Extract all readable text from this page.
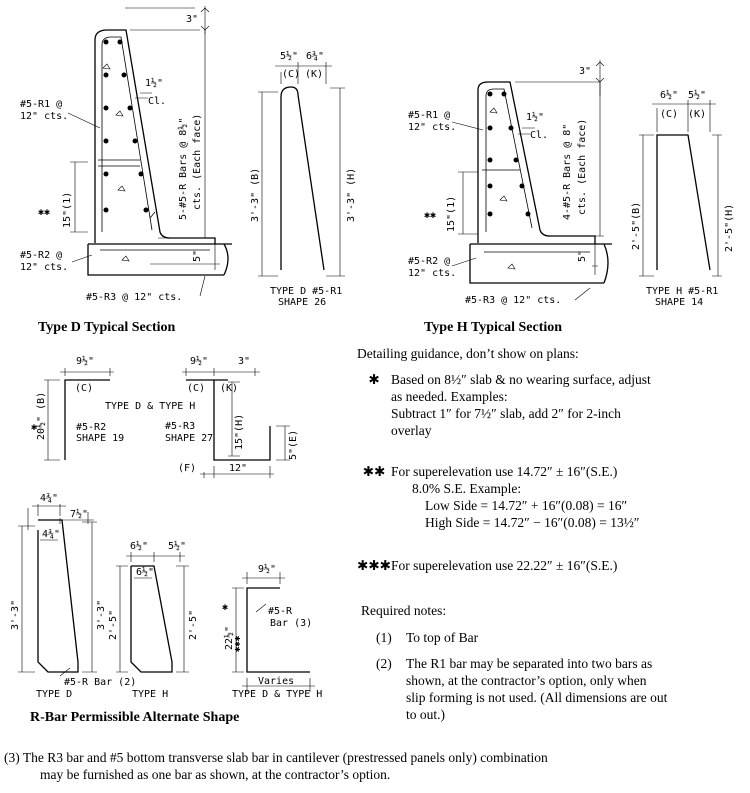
3"
1½"
Cl.
5-#5-R Bars @ 8½" cts. (Each face)
15"(1)
✱✱
5"
#5-R1 @
12" cts.
#5-R2 @
12" cts.
#5-R3 @ 12" cts.
Type D Typical Section
5½" 6¾"
(C) (K)
3'-3" (B)	3'-3" (H)
TYPE D #5-R1
SHAPE 26
3"
1½"
Cl. 4-#5-R Bars @ 8" cts. (Each face)
15"(1)
✱✱
5"
#5-R1 @
12" cts.
#5-R2 @
12" cts.
#5-R3 @ 12" cts.
Type H Typical Section
6½" 5½"
(C) (K)
2'-5"(B)	2'-5"(H)
TYPE H #5-R1
SHAPE 14
9½"
(C)
20½" (B)
✱	#5-R2
SHAPE 19
TYPE D & TYPE H
9½"	3"
(C) (K)
15"(H)
#5-R3
SHAPE 27	5"(E)
(F)	12"
4¾"
7½"
4¾"
3'-3"	3'-3"
#5-R Bar (2)
TYPE D
6½" 5½"
6½"
2'-5"	2'-5"
TYPE H
9½"
✱
✱✱✱
22½"
#5-R
Bar (3)
Varies
TYPE D & TYPE H
R-Bar Permissible Alternate Shape
Detailing guidance, don’t show on plans:
✱ Based on 8½″ slab & no wearing surface, adjust
as needed. Examples:
Subtract 1″ for 7½″ slab, add 2″ for 2-inch
overlay
✱✱ For superelevation use 14.72″ ± 16″(S.E.)
8.0% S.E. Example:
Low Side = 14.72″ + 16″(0.08) = 16″
High Side = 14.72″ − 16″(0.08) = 13½″
✱✱✱For superelevation use 22.22″ ± 16″(S.E.)
Required notes:
(1) To top of Bar
(2) The R1 bar may be separated into two bars as
shown, at the contractor’s option, only when
slip forming is not used. (All dimensions are out
to out.)
(3) The R3 bar and #5 bottom transverse slab bar in cantilever (prestressed panels only) combination
may be furnished as one bar as shown, at the contractor’s option.
